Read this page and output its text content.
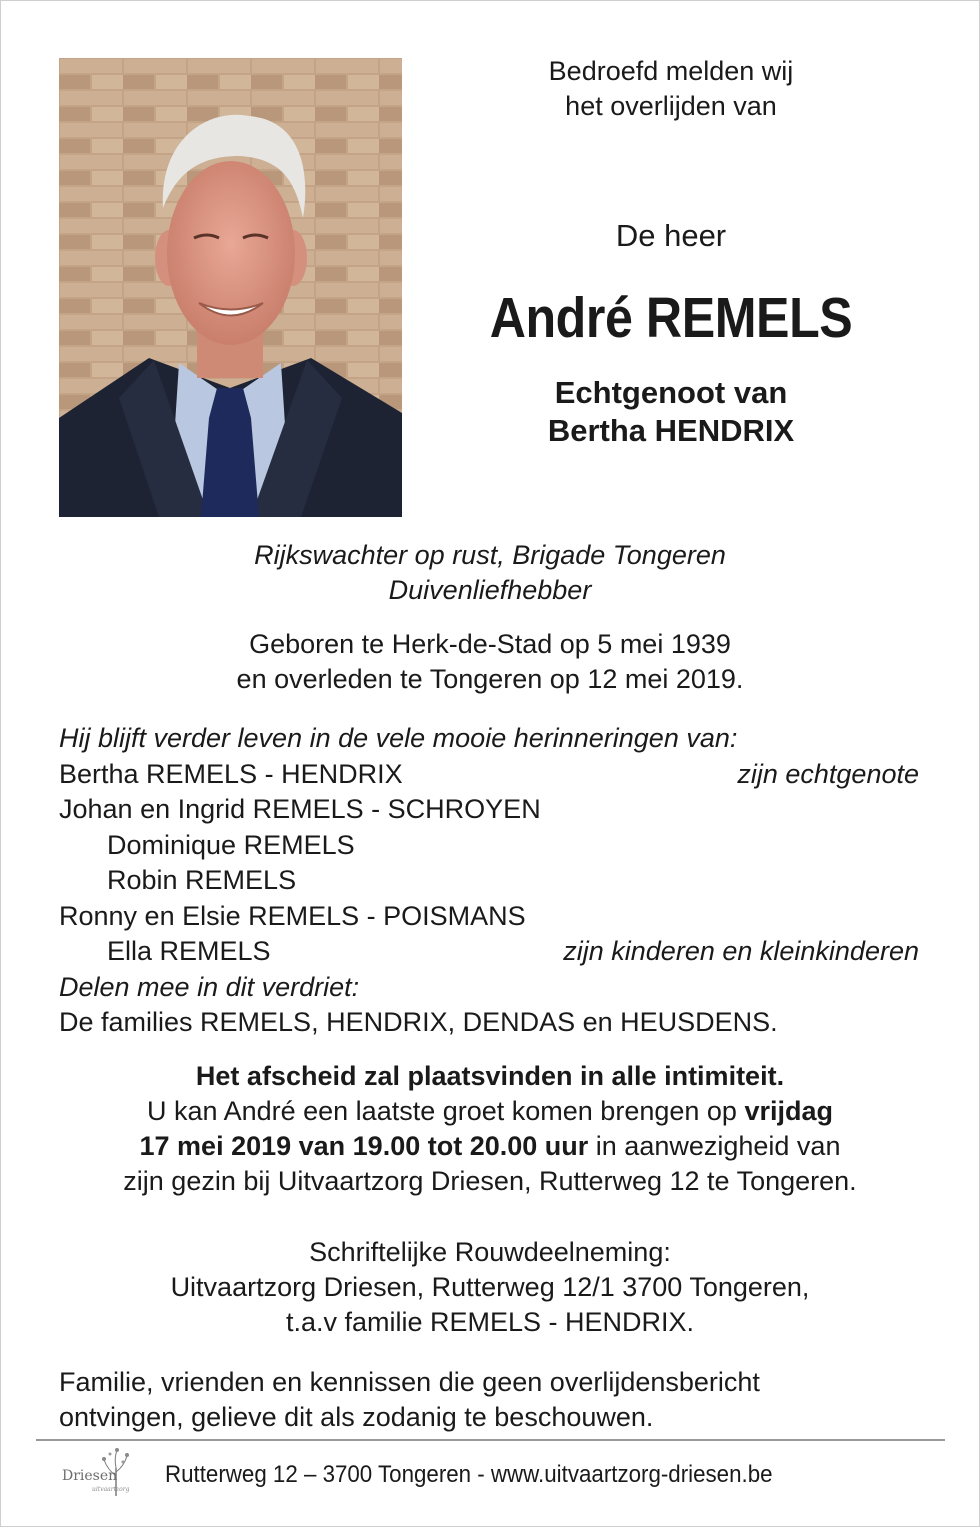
Bedroefd melden wij

het overlijden van

De heer
André REMELS
Echtgenoot van
Bertha HENDRIX
Rijkswachter op rust, Brigade Tongeren
Duivenliefhebber
Geboren te Herk-de-Stad op 5 mei 1939
en overleden te Tongeren op 12 mei 2019.
Hij blijft verder leven in de vele mooie herinneringen van:
Bertha REMELS - HENDRIX	zijn echtgenote
Johan en Ingrid REMELS - SCHROYEN
Dominique REMELS
Robin REMELS
Ronny en Elsie REMELS - POISMANS
Ella REMELS	zijn kinderen en kleinkinderen
Delen mee in dit verdriet:
De families REMELS, HENDRIX, DENDAS en HEUSDENS.
Het afscheid zal plaatsvinden in alle intimiteit.
U kan André een laatste groet komen brengen op vrijdag
17 mei 2019 van 19.00 tot 20.00 uur in aanwezigheid van
zijn gezin bij Uitvaartzorg Driesen, Rutterweg 12 te Tongeren.
Schriftelijke Rouwdeelneming:
Uitvaartzorg Driesen, Rutterweg 12/1 3700 Tongeren,
t.a.v familie REMELS - HENDRIX.
Familie, vrienden en kennissen die geen overlijdensbericht
ontvingen, gelieve dit als zodanig te beschouwen.
Driesen
uitvaartzorg
Rutterweg 12 – 3700 Tongeren - www.uitvaartzorg-driesen.be
